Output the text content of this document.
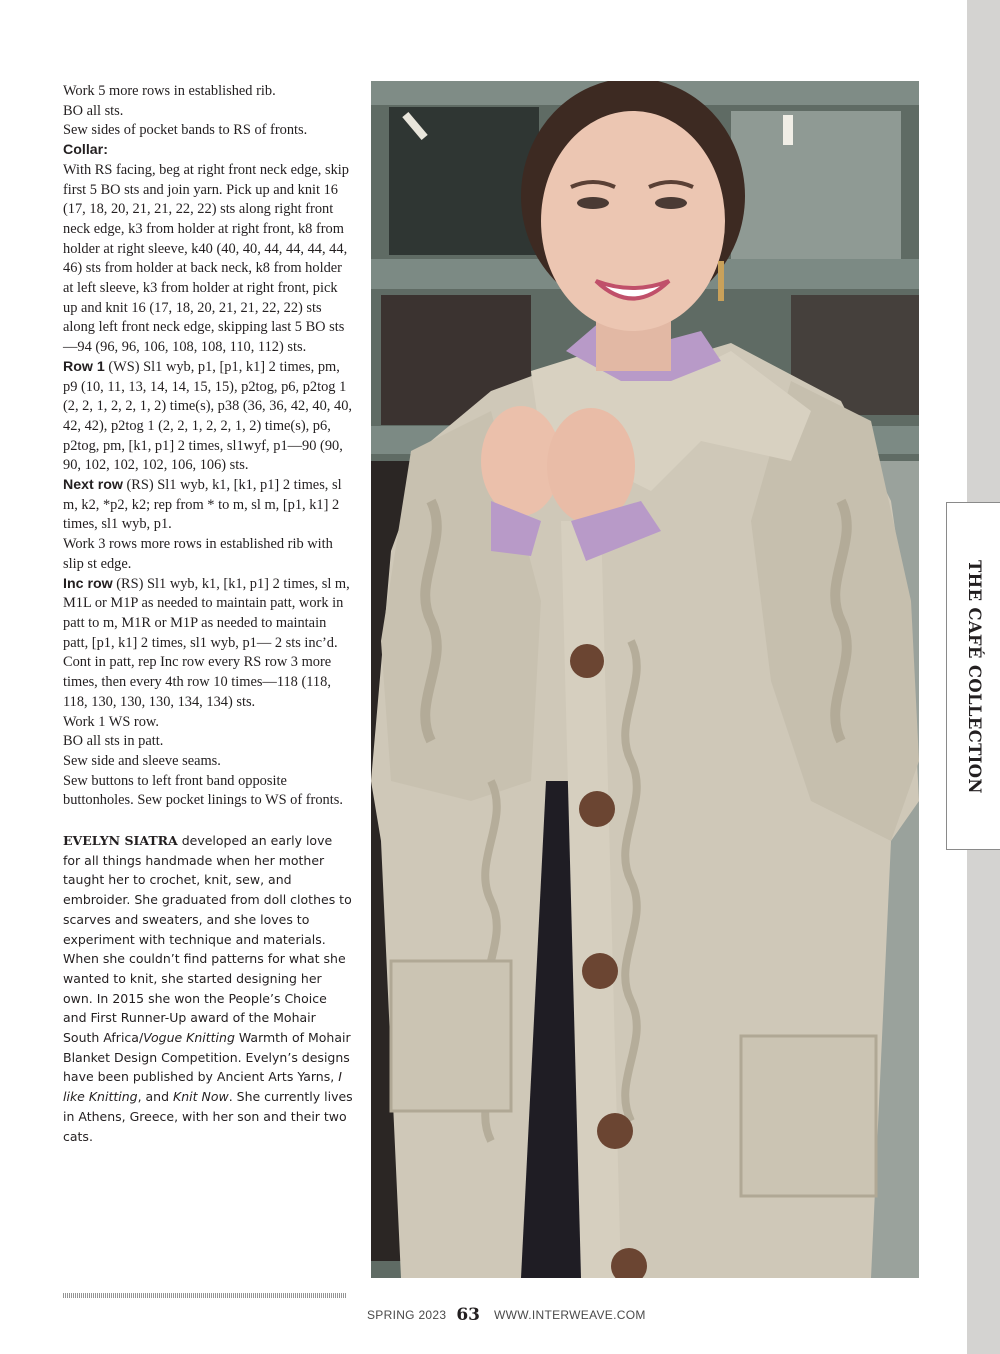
THE CAFÉ COLLECTION

Work 5 more rows in established rib.

BO all sts.

Sew sides of pocket bands to RS of fronts.

Collar:

With RS facing, beg at right front neck edge, skip first 5 BO sts and join yarn. Pick up and knit 16 (17, 18, 20, 21, 21, 22, 22) sts along right front neck edge, k3 from holder at right front, k8 from holder at right sleeve, k40 (40, 40, 44, 44, 44, 44, 46) sts from holder at back neck, k8 from holder at left sleeve, k3 from holder at right front, pick up and knit 16 (17, 18, 20, 21, 21, 22, 22) sts along left front neck edge, skipping last 5 BO sts—94 (96, 96, 106, 108, 108, 110, 112) sts.

Row 1 (WS) Sl1 wyb, p1, [p1, k1] 2 times, pm, p9 (10, 11, 13, 14, 14, 15, 15), p2tog, p6, p2tog 1 (2, 2, 1, 2, 2, 1, 2) time(s), p38 (36, 36, 42, 40, 40, 42, 42), p2tog 1 (2, 2, 1, 2, 2, 1, 2) time(s), p6, p2tog, pm, [k1, p1] 2 times, sl1wyf, p1—90 (90, 90, 102, 102, 102, 106, 106) sts.

Next row (RS) Sl1 wyb, k1, [k1, p1] 2 times, sl m, k2, *p2, k2; rep from * to m, sl m, [p1, k1] 2 times, sl1 wyb, p1.

Work 3 rows more rows in established rib with slip st edge.

Inc row (RS) Sl1 wyb, k1, [k1, p1] 2 times, sl m, M1L or M1P as needed to maintain patt, work in patt to m, M1R or M1P as needed to maintain patt, [p1, k1] 2 times, sl1 wyb, p1— 2 sts inc’d.

Cont in patt, rep Inc row every RS row 3 more times, then every 4th row 10 times—118 (118, 118, 130, 130, 130, 134, 134) sts.

Work 1 WS row.

BO all sts in patt.

Sew side and sleeve seams.

Sew buttons to left front band opposite buttonholes. Sew pocket linings to WS of fronts.

EVELYN SIATRA developed an early love for all things handmade when her mother taught her to crochet, knit, sew, and embroider. She graduated from doll clothes to scarves and sweaters, and she loves to experiment with technique and materials. When she couldn’t find patterns for what she wanted to knit, she started designing her own. In 2015 she won the People’s Choice and First Runner-Up award of the Mohair South Africa/Vogue Knitting Warmth of Mohair Blanket Design Competition. Evelyn’s designs have been published by Ancient Arts Yarns, I like Knitting, and Knit Now. She currently lives in Athens, Greece, with her son and their two cats.
SPRING 2023 63 WWW.INTERWEAVE.COM
